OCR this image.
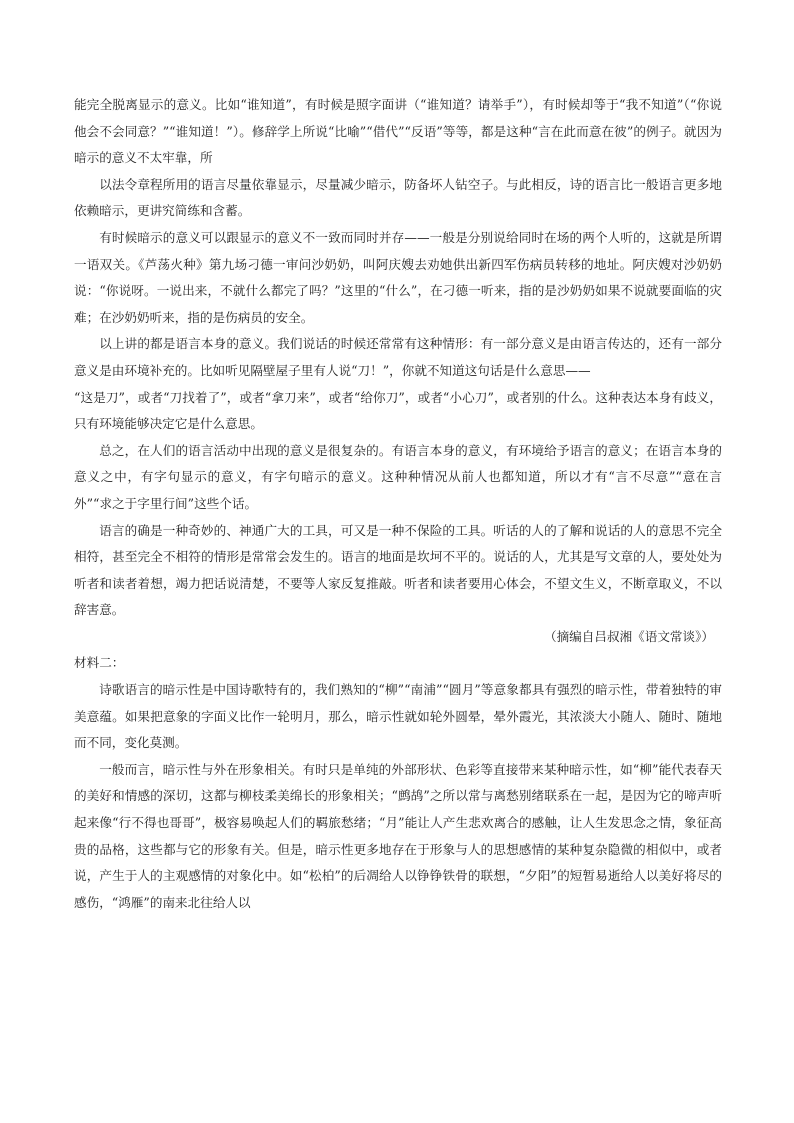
能完全脱离显示的意义。比如“谁知道”，有时候是照字面讲（“谁知道？请举手”），有时候却等于“我不知道”（“你说他会不会同意？”“谁知道！”）。修辞学上所说“比喻”“借代”“反语”等等，都是这种“言在此而意在彼”的例子。就因为暗示的意义不太牢靠，所

以法令章程所用的语言尽量依靠显示，尽量减少暗示，防备坏人钻空子。与此相反，诗的语言比一般语言更多地依赖暗示，更讲究简练和含蓄。

有时候暗示的意义可以跟显示的意义不一致而同时并存——一般是分别说给同时在场的两个人听的，这就是所谓一语双关。《芦荡火种》第九场刁德一审问沙奶奶，叫阿庆嫂去劝她供出新四军伤病员转移的地址。阿庆嫂对沙奶奶说：“你说呀。一说出来，不就什么都完了吗？”这里的“什么”，在刁德一听来，指的是沙奶奶如果不说就要面临的灾难；在沙奶奶听来，指的是伤病员的安全。

以上讲的都是语言本身的意义。我们说话的时候还常常有这种情形：有一部分意义是由语言传达的，还有一部分意义是由环境补充的。比如听见隔壁屋子里有人说“刀！”，你就不知道这句话是什么意思——

“这是刀”，或者“刀找着了”，或者“拿刀来”，或者“给你刀”，或者“小心刀”，或者别的什么。这种表达本身有歧义，只有环境能够决定它是什么意思。

总之，在人们的语言活动中出现的意义是很复杂的。有语言本身的意义，有环境给予语言的意义；在语言本身的意义之中，有字句显示的意义，有字句暗示的意义。这种种情况从前人也都知道，所以才有“言不尽意”“意在言外”“求之于字里行间”这些个话。

语言的确是一种奇妙的、神通广大的工具，可又是一种不保险的工具。听话的人的了解和说话的人的意思不完全相符，甚至完全不相符的情形是常常会发生的。语言的地面是坎坷不平的。说话的人，尤其是写文章的人，要处处为听者和读者着想，竭力把话说清楚，不要等人家反复推敲。听者和读者要用心体会，不望文生义，不断章取义，不以辞害意。

（摘编自吕叔湘《语文常谈》）

材料二：

诗歌语言的暗示性是中国诗歌特有的，我们熟知的“柳”“南浦”“圆月”等意象都具有强烈的暗示性，带着独特的审美意蕴。如果把意象的字面义比作一轮明月，那么，暗示性就如轮外圆晕，晕外霞光，其浓淡大小随人、随时、随地而不同，变化莫测。

一般而言，暗示性与外在形象相关。有时只是单纯的外部形状、色彩等直接带来某种暗示性，如“柳”能代表春天的美好和情感的深切，这都与柳枝柔美绵长的形象相关；“鹧鸪”之所以常与离愁别绪联系在一起，是因为它的啼声听起来像“行不得也哥哥”，极容易唤起人们的羁旅愁绪；“月”能让人产生悲欢离合的感触，让人生发思念之情，象征高贵的品格，这些都与它的形象有关。但是，暗示性更多地存在于形象与人的思想感情的某种复杂隐微的相似中，或者说，产生于人的主观感情的对象化中。如“松柏”的后凋给人以铮铮铁骨的联想，“夕阳”的短暂易逝给人以美好将尽的感伤，“鸿雁”的南来北往给人以
